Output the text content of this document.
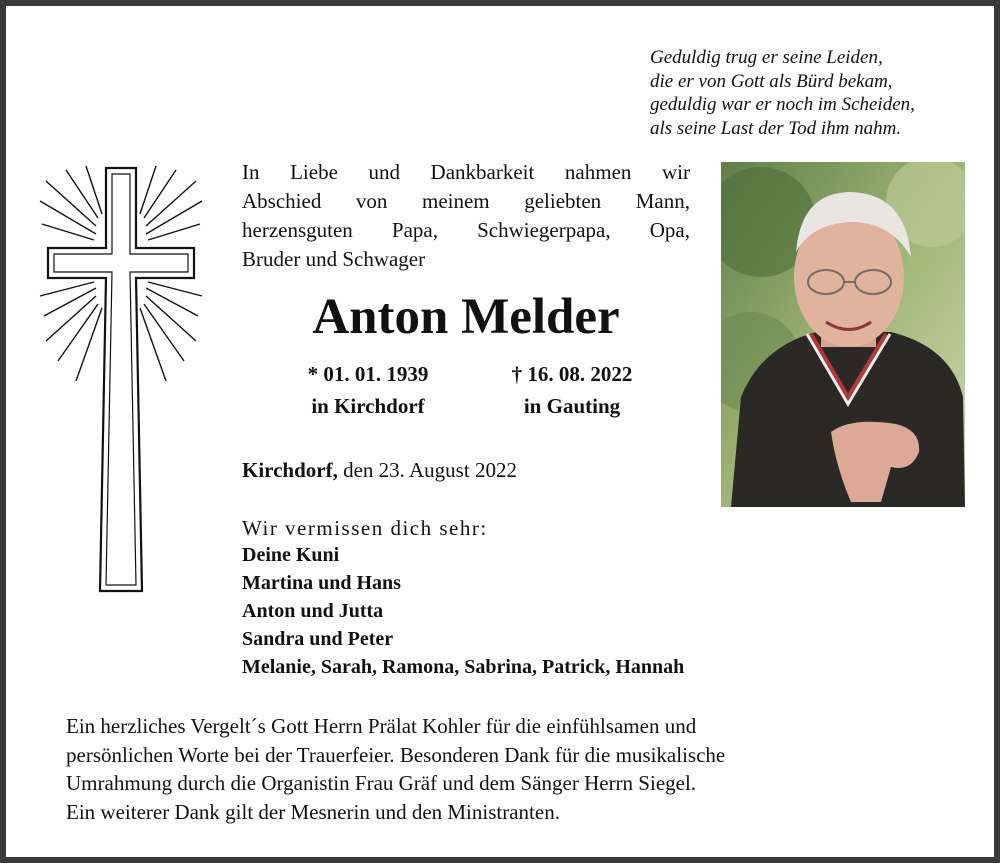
Geduldig trug er seine Leiden,
die er von Gott als Bürd bekam,
geduldig war er noch im Scheiden,
als seine Last der Tod ihm nahm.
In Liebe und Dankbarkeit nahmen wir
Abschied von meinem geliebten Mann,
herzensguten Papa, Schwiegerpapa, Opa,
Bruder und Schwager
Anton Melder
* 01. 01. 1939
in Kirchdorf
† 16. 08. 2022
in Gauting
Kirchdorf, den 23. August 2022
Wir vermissen dich sehr:
Deine Kuni
Martina und Hans
Anton und Jutta
Sandra und Peter
Melanie, Sarah, Ramona, Sabrina, Patrick, Hannah
Ein herzliches Vergelt´s Gott Herrn Prälat Kohler für die einfühlsamen und
persönlichen Worte bei der Trauerfeier. Besonderen Dank für die musikalische
Umrahmung durch die Organistin Frau Gräf und dem Sänger Herrn Siegel.
Ein weiterer Dank gilt der Mesnerin und den Ministranten.
